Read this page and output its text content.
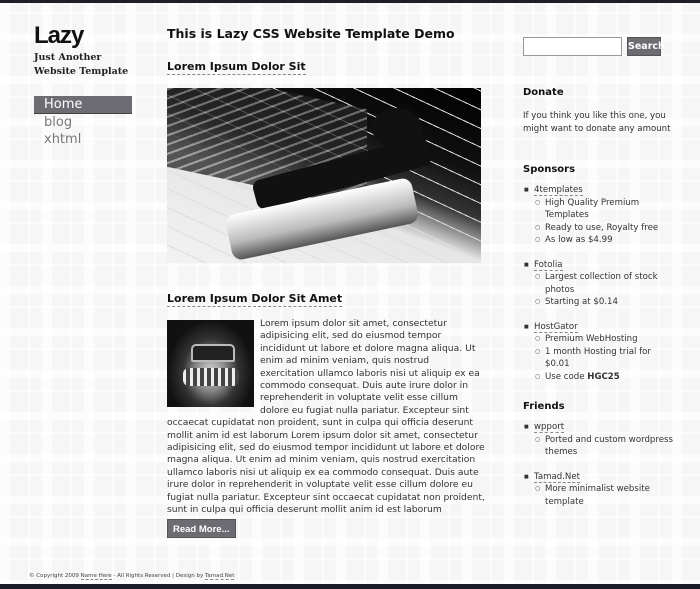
Lazy
Just Another Website Template
Home
blog
xhtml
This is Lazy CSS Website Template Demo
Lorem Ipsum Dolor Sit
Lorem Ipsum Dolor Sit Amet
Lorem ipsum dolor sit amet, consectetur adipisicing elit, sed do eiusmod tempor incididunt ut labore et dolore magna aliqua. Ut enim ad minim veniam, quis nostrud exercitation ullamco laboris nisi ut aliquip ex ea commodo consequat. Duis aute irure dolor in reprehenderit in voluptate velit esse cillum dolore eu fugiat nulla pariatur. Excepteur sint occaecat cupidatat non proident, sunt in culpa qui officia deserunt mollit anim id est laborum Lorem ipsum dolor sit amet, consectetur adipisicing elit, sed do eiusmod tempor incididunt ut labore et dolore magna aliqua. Ut enim ad minim veniam, quis nostrud exercitation ullamco laboris nisi ut aliquip ex ea commodo consequat. Duis aute irure dolor in reprehenderit in voluptate velit esse cillum dolore eu fugiat nulla pariatur. Excepteur sint occaecat cupidatat non proident, sunt in culpa qui officia deserunt mollit anim id est laborum
Read More...
Search
Donate
If you think you like this one, you might want to donate any amount
Sponsors
■ 4templates
○ High Quality Premium Templates
○ Ready to use, Royalty free
○ As low as $4.99
■ Fotolia
○ Largest collection of stock photos
○ Starting at $0.14
■ HostGator
○ Premium WebHosting
○ 1 month Hosting trial for $0.01
○ Use code HGC25
Friends
■ wpport
○ Ported and custom wordpress themes
■ Tamad.Net
○ More minimalist website template
© Copyright 2009 Name Here - All Rights Reserved | Design by Tamad.Net
